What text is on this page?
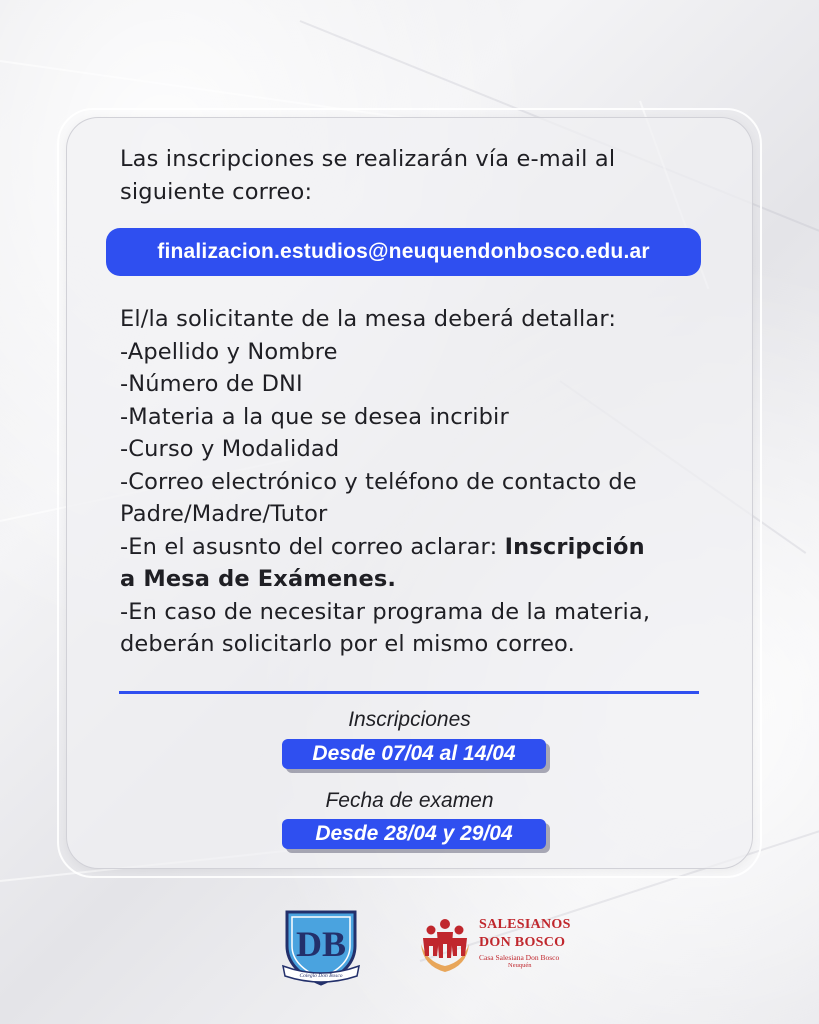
Las inscripciones se realizarán vía e-mail al
siguiente correo:
finalizacion.estudios@neuquendonbosco.edu.ar
El/la solicitante de la mesa deberá detallar:
-Apellido y Nombre
-Número de DNI
-Materia a la que se desea incribir
-Curso y Modalidad
-Correo electrónico y teléfono de contacto de
Padre/Madre/Tutor
-En el asusnto del correo aclarar: Inscripción
a Mesa de Exámenes.
-En caso de necesitar programa de la materia,
deberán solicitarlo por el mismo correo.
Inscripciones
Desde 07/04 al 14/04
Fecha de examen
Desde 28/04 y 29/04
DB
Colegio Don Bosco
SALESIANOS
DON BOSCO
Casa Salesiana Don Bosco
Neuquén
